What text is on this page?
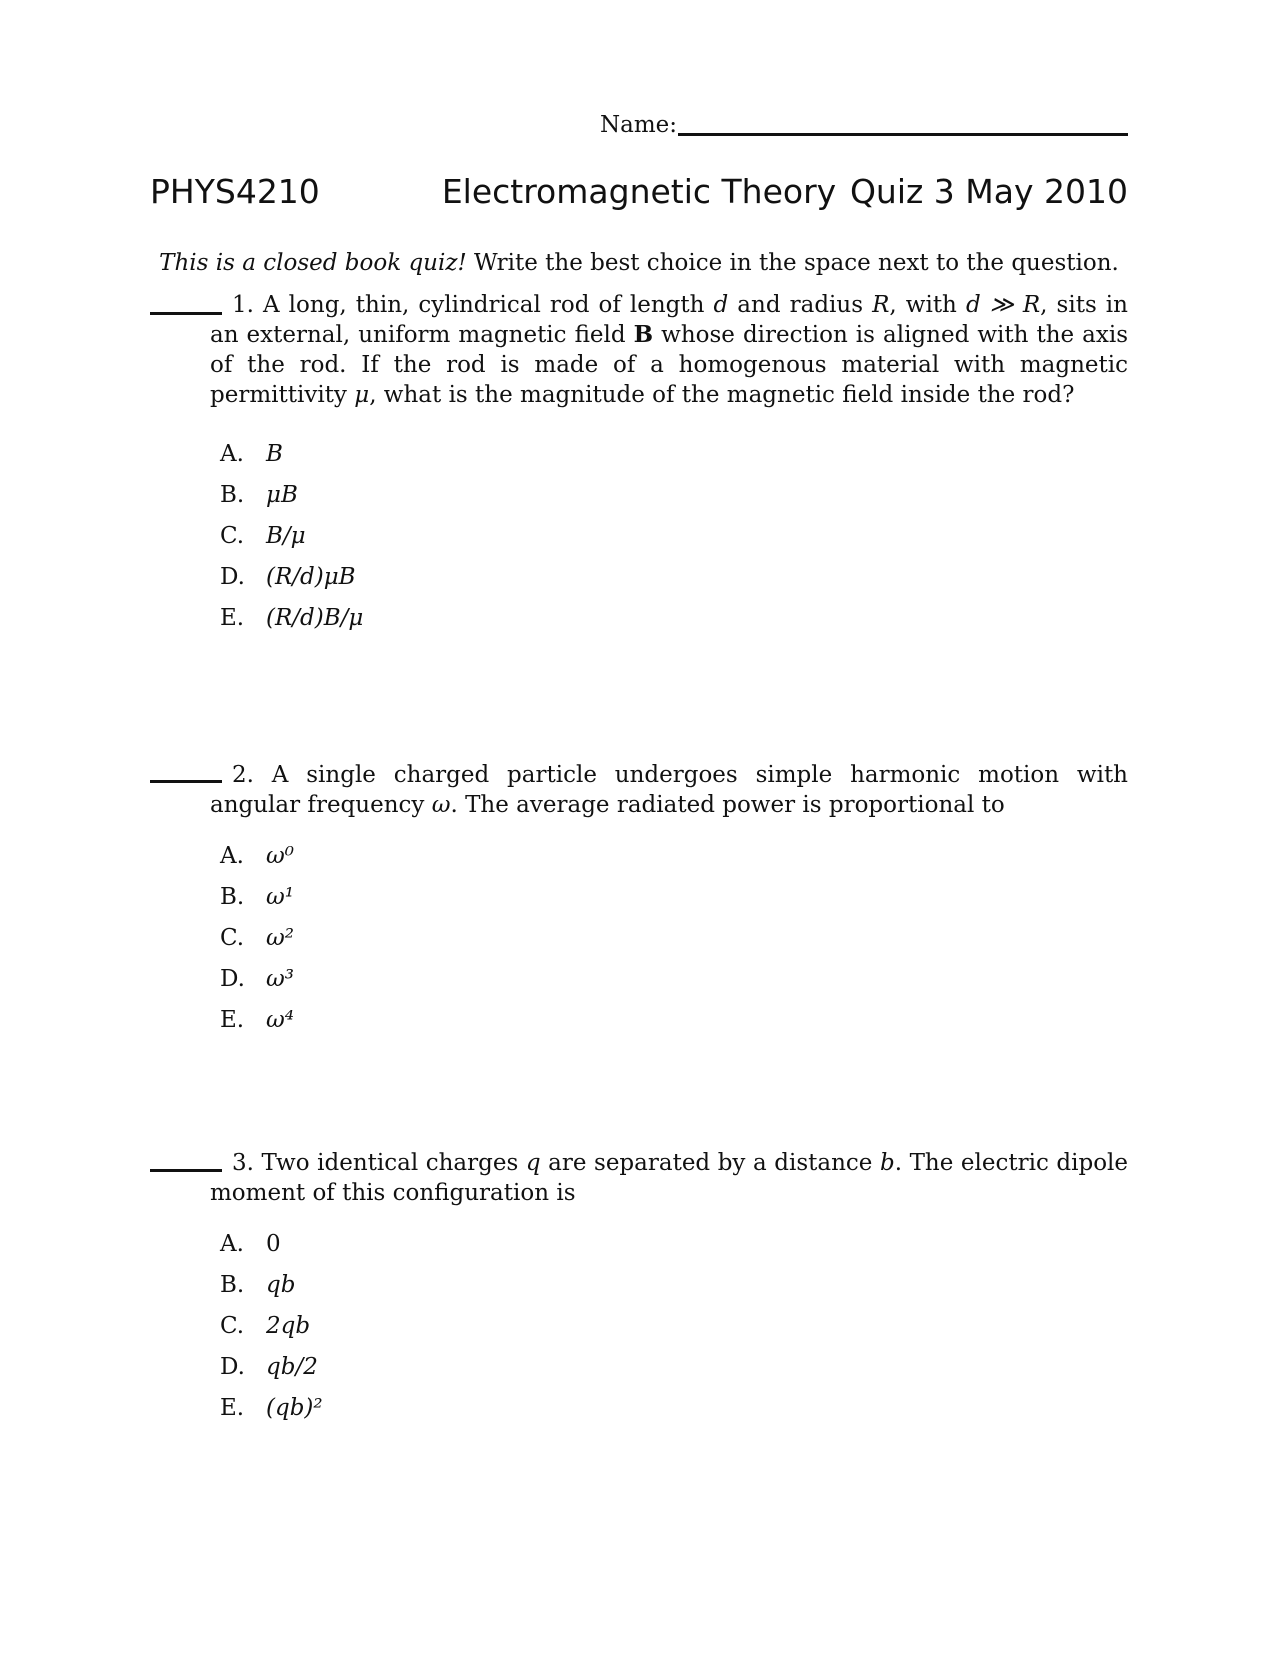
Name:
PHYS4210	Electromagnetic Theory Quiz 3 May 2010
This is a closed book quiz! Write the best choice in the space next to the question.
1. A long, thin, cylindrical rod of length d and radius R, with d ≫ R, sits in an external, uniform magnetic field B whose direction is aligned with the axis of the rod. If the rod is made of a homogenous material with magnetic permittivity μ, what is the magnitude of the magnetic field inside the rod?
A. B
B. μB
C. B/μ
D. (R/d)μB
E. (R/d)B/μ
2. A single charged particle undergoes simple harmonic motion with angular frequency ω. The average radiated power is proportional to
A. ω⁰
B. ω¹
C. ω²
D. ω³
E. ω⁴
3. Two identical charges q are separated by a distance b. The electric dipole moment of this configuration is
A. 0
B. qb
C. 2qb
D. qb/2
E. (qb)²
